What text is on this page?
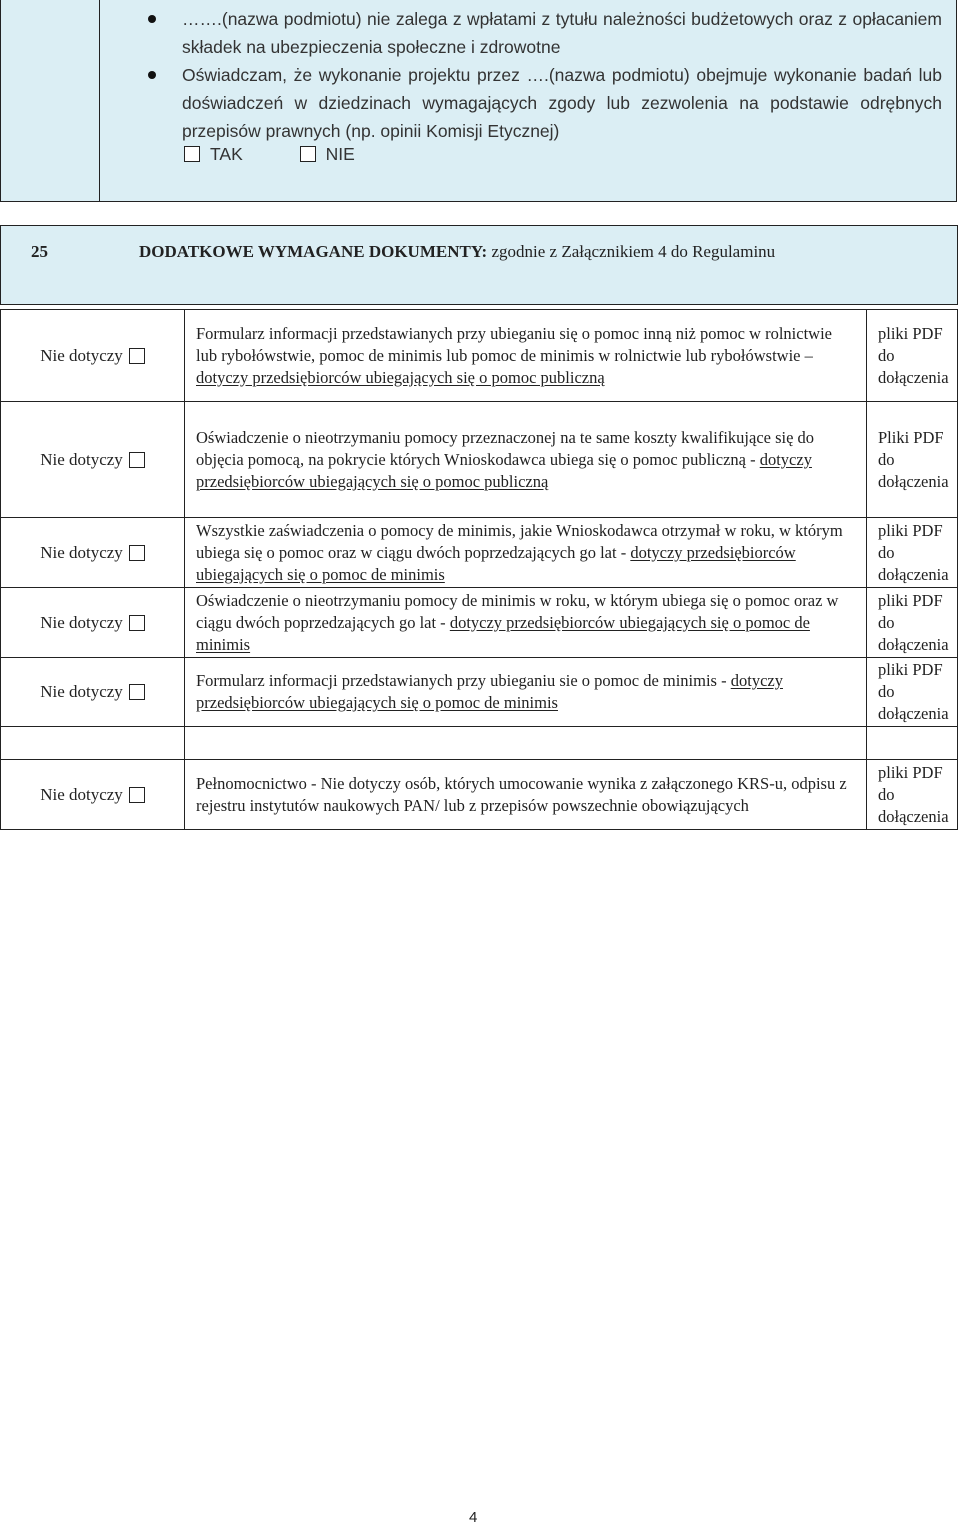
…….(nazwa podmiotu) nie zalega z wpłatami z tytułu należności budżetowych oraz z opłacaniem składek na ubezpieczenia społeczne i zdrowotne
Oświadczam, że wykonanie projektu przez ….(nazwa podmiotu) obejmuje wykonanie badań lub doświadczeń w dziedzinach wymagających zgody lub zezwolenia na podstawie odrębnych przepisów prawnych (np. opinii Komisji Etycznej)
TAK	NIE
25	DODATKOWE WYMAGANE DOKUMENTY: zgodnie z Załącznikiem 4 do Regulaminu
Nie dotyczy	Formularz informacji przedstawianych przy ubieganiu się o pomoc inną niż pomoc w rolnictwie lub rybołówstwie, pomoc de minimis lub pomoc de minimis w rolnictwie lub rybołówstwie – dotyczy przedsiębiorców ubiegających się o pomoc publiczną	pliki PDF do dołączenia
Nie dotyczy	Oświadczenie o nieotrzymaniu pomocy przeznaczonej na te same koszty kwalifikujące się do objęcia pomocą, na pokrycie których Wnioskodawca ubiega się o pomoc publiczną - dotyczy przedsiębiorców ubiegających się o pomoc publiczną	Pliki PDF do dołączenia
Nie dotyczy	Wszystkie zaświadczenia o pomocy de minimis, jakie Wnioskodawca otrzymał w roku, w którym ubiega się o pomoc oraz w ciągu dwóch poprzedzających go lat - dotyczy przedsiębiorców ubiegających się o pomoc de minimis	pliki PDF do dołączenia
Nie dotyczy	Oświadczenie o nieotrzymaniu pomocy de minimis w roku, w którym ubiega się o pomoc oraz w ciągu dwóch poprzedzających go lat - dotyczy przedsiębiorców ubiegających się o pomoc de minimis	pliki PDF do dołączenia
Nie dotyczy	Formularz informacji przedstawianych przy ubieganiu sie o pomoc de minimis - dotyczy przedsiębiorców ubiegających się o pomoc de minimis	pliki PDF do dołączenia

Nie dotyczy	Pełnomocnictwo - Nie dotyczy osób, których umocowanie wynika z załączonego KRS-u, odpisu z rejestru instytutów naukowych PAN/ lub z przepisów powszechnie obowiązujących	pliki PDF do dołączenia
4
